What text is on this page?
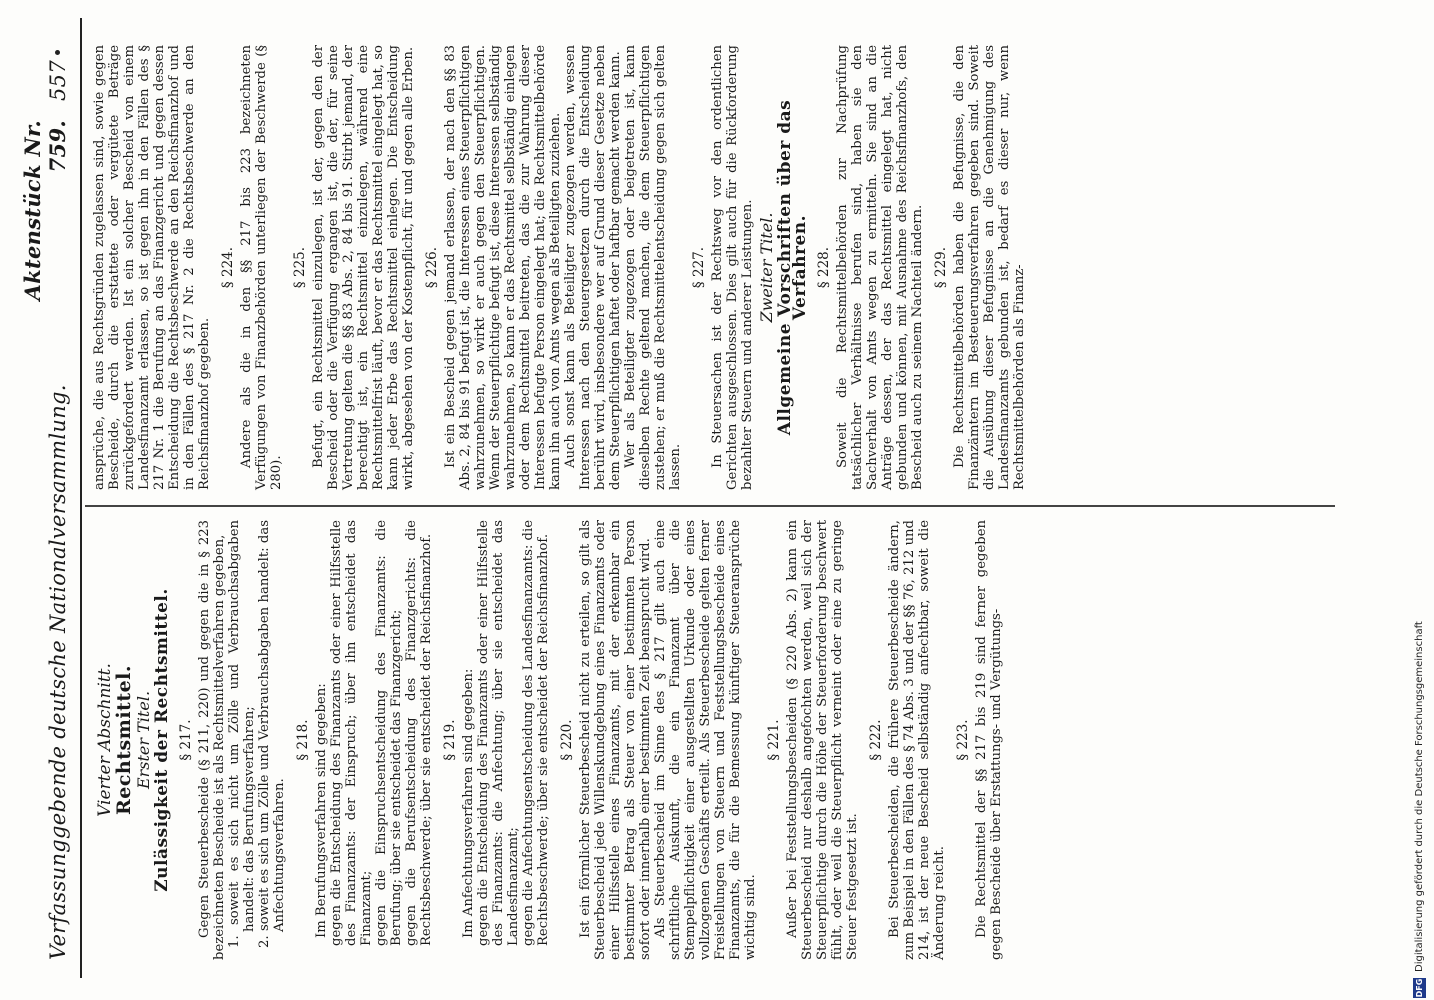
Verfassunggebende deutsche Nationalversammlung.
Aktenstück Nr. 759.
557

Vierter Abschnitt.

Rechtsmittel. Erster Titel. Zulässigkeit der Rechtsmittel. § 217. Gegen Steuerbescheide (§ 211, 220) und gegen die in § 223 bezeichneten Bescheide ist als Rechtsmittelverfahren gegeben, 1. soweit es sich nicht um Zölle und Verbrauchsabgaben handelt: das Berufungsverfahren; 2. soweit es sich um Zölle und Verbrauchsabgaben handelt: das Anfechtungsverfahren.

§ 218. Im Berufungsverfahren sind gegeben: gegen die Entscheidung des Finanzamts oder einer Hilfsstelle des Finanzamts: der Einspruch; über ihn entscheidet das Finanzamt; gegen die Einspruchsentscheidung des Finanzamts: die Berufung; über sie entscheidet das Finanzgericht; gegen die Berufsentscheidung des Finanzgerichts: die Rechtsbeschwerde; über sie entscheidet der Reichsfinanzhof. § 219. Im Anfechtungsverfahren sind gegeben: gegen die Entscheidung des Finanzamts oder einer Hilfsstelle des Finanzamts: die Anfechtung; über sie entscheidet das Landesfinanzamt; gegen die Anfechtungsentscheidung des Landesfinanzamts: die Rechtsbeschwerde; über sie entscheidet der Reichsfinanzhof. § 220. Ist ein förmlicher Steuerbescheid nicht zu erteilen, so gilt als Steuerbescheid jede Willenskundgebung eines Finanzamts oder einer Hilfsstelle eines Finanzamts, mit der erkennbar ein bestimmter Betrag als Steuer von einer bestimmten Person sofort oder innerhalb einer bestimmten Zeit beansprucht wird. Als Steuerbescheid im Sinne des § 217 gilt auch eine schriftliche Auskunft, die ein Finanzamt über die Stempelpflichtigkeit einer ausgestellten Urkunde oder eines vollzogenen Geschäfts erteilt. Als Steuerbescheide gelten ferner Freistellungen von Steuern und Feststellungsbescheide eines Finanzamts, die für die Bemessung künftiger Steueransprüche wichtig sind.

§ 221. Außer bei Feststellungsbescheiden (§ 220 Abs. 2) kann ein Steuerbescheid nur deshalb angefochten werden, weil sich der Steuerpflichtige durch die Höhe der Steuerforderung beschwert fühlt, oder weil die Steuerpflicht verneint oder eine zu geringe Steuer festgesetzt ist.

§ 222. Bei Steuerbescheiden, die frühere Steuerbescheide ändern, zum Beispiel in den Fällen des § 74 Abs. 3 und der §§ 76, 212 und 214, ist der neue Bescheid selbständig anfechtbar, soweit die Änderung reicht.

§ 223. Die Rechtsmittel der §§ 217 bis 219 sind ferner gegeben gegen Bescheide über Erstattungs- und Vergütungs-

ansprüche, die aus Rechtsgründen zugelassen sind, sowie gegen Bescheide, durch die erstattete oder vergütete Beträge zurückgefordert werden. Ist ein solcher Bescheid von einem Landesfinanzamt erlassen, so ist gegen ihn in den Fällen des § 217 Nr. 1 die Berufung an das Finanzgericht und gegen dessen Entscheidung die Rechtsbeschwerde an den Reichsfinanzhof und in den Fällen des § 217 Nr. 2 die Rechtsbeschwerde an den Reichsfinanzhof gegeben.

§ 224. Andere als die in den §§ 217 bis 223 bezeichneten Verfügungen von Finanzbehörden unterliegen der Beschwerde (§ 280).

§ 225. Befugt, ein Rechtsmittel einzulegen, ist der, gegen den der Bescheid oder die Verfügung ergangen ist, die der, für seine Vertretung gelten die §§ 83 Abs. 2, 84 bis 91. Stirbt jemand, der berechtigt ist, ein Rechtsmittel einzulegen, während eine Rechtsmittelfrist läuft, bevor er das Rechtsmittel eingelegt hat, so kann jeder Erbe das Rechtsmittel einlegen. Die Entscheidung wirkt, abgesehen von der Kostenpflicht, für und gegen alle Erben. § 226. Ist ein Bescheid gegen jemand erlassen, der nach den §§ 83 Abs. 2, 84 bis 91 befugt ist, die Interessen eines Steuerpflichtigen wahrzunehmen, so wirkt er auch gegen den Steuerpflichtigen. Wenn der Steuerpflichtige befugt ist, diese Interessen selbständig wahrzunehmen, so kann er das Rechtsmittel selbständig einlegen oder dem Rechtsmittel beitreten, das die zur Wahrung dieser Interessen befugte Person eingelegt hat; die Rechtsmittelbehörde kann ihn auch von Amts wegen als Beteiligten zuziehen. Auch sonst kann als Beteiligter zugezogen werden, wessen Interessen nach den Steuergesetzen durch die Entscheidung berührt wird, insbesondere wer auf Grund dieser Gesetze neben dem Steuerpflichtigen haftet oder haftbar gemacht werden kann. Wer als Beteiligter zugezogen oder beigetreten ist, kann dieselben Rechte geltend machen, die dem Steuerpflichtigen zustehen; er muß die Rechtsmittelentscheidung gegen sich gelten lassen.

§ 227. In Steuersachen ist der Rechtsweg vor den ordentlichen Gerichten ausgeschlossen. Dies gilt auch für die Rückforderung bezahlter Steuern und anderer Leistungen. Zweiter Titel. Allgemeine Vorschriften über das Verfahren. § 228. Soweit die Rechtsmittelbehörden zur Nachprüfung tatsächlicher Verhältnisse berufen sind, haben sie den Sachverhalt von Amts wegen zu ermitteln. Sie sind an die Anträge dessen, der das Rechtsmittel eingelegt hat, nicht gebunden und können, mit Ausnahme des Reichsfinanzhofs, den Bescheid auch zu seinem Nachteil ändern. § 229. Die Rechtsmittelbehörden haben die Befugnisse, die den Finanzämtern im Besteuerungsverfahren gegeben sind. Soweit die Ausübung dieser Befugnisse an die Genehmigung des Landesfinanzamts gebunden ist, bedarf es dieser nur, wenn Rechtsmittelbehörden als Finanz-

DFG
Digitalisierung gefördert durch die Deutsche Forschungsgemeinschaft
